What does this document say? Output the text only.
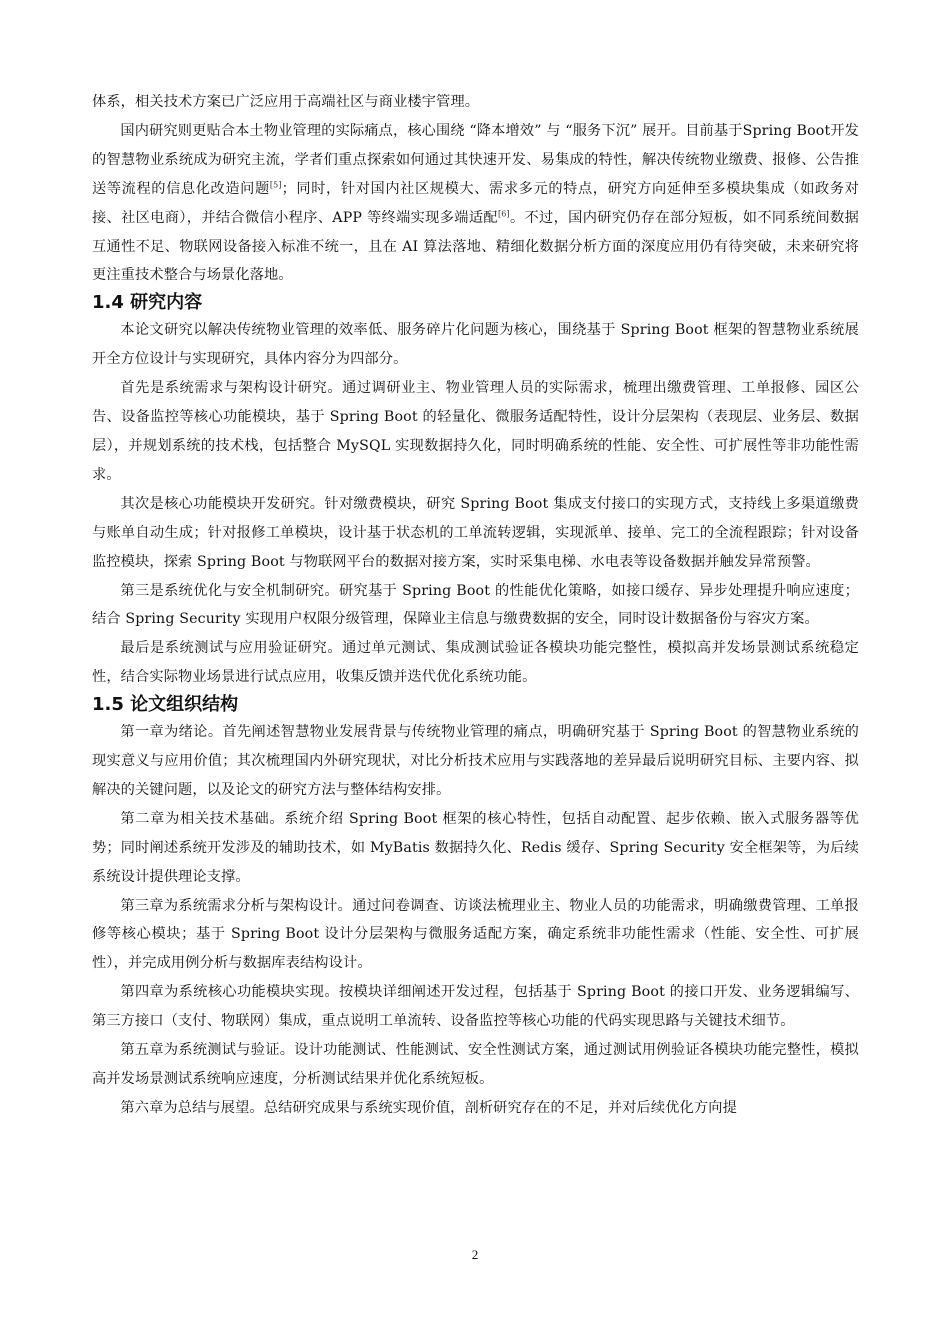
体系，相关技术方案已广泛应用于高端社区与商业楼宇管理。

国内研究则更贴合本土物业管理的实际痛点，核心围绕 “降本增效” 与 “服务下沉” 展开。目前基于Spring Boot开发的智慧物业系统成为研究主流，学者们重点探索如何通过其快速开发、易集成的特性，解决传统物业缴费、报修、公告推送等流程的信息化改造问题[5]；同时，针对国内社区规模大、需求多元的特点，研究方向延伸至多模块集成（如政务对接、社区电商），并结合微信小程序、APP 等终端实现多端适配[6]。不过，国内研究仍存在部分短板，如不同系统间数据互通性不足、物联网设备接入标准不统一，且在 AI 算法落地、精细化数据分析方面的深度应用仍有待突破，未来研究将更注重技术整合与场景化落地。

1.4 研究内容

本论文研究以解决传统物业管理的效率低、服务碎片化问题为核心，围绕基于 Spring Boot 框架的智慧物业系统展开全方位设计与实现研究，具体内容分为四部分。

首先是系统需求与架构设计研究。通过调研业主、物业管理人员的实际需求，梳理出缴费管理、工单报修、园区公告、设备监控等核心功能模块，基于 Spring Boot 的轻量化、微服务适配特性，设计分层架构（表现层、业务层、数据层），并规划系统的技术栈，包括整合 MySQL 实现数据持久化，同时明确系统的性能、安全性、可扩展性等非功能性需求。

其次是核心功能模块开发研究。针对缴费模块，研究 Spring Boot 集成支付接口的实现方式，支持线上多渠道缴费与账单自动生成；针对报修工单模块，设计基于状态机的工单流转逻辑，实现派单、接单、完工的全流程跟踪；针对设备监控模块，探索 Spring Boot 与物联网平台的数据对接方案，实时采集电梯、水电表等设备数据并触发异常预警。

第三是系统优化与安全机制研究。研究基于 Spring Boot 的性能优化策略，如接口缓存、异步处理提升响应速度；结合 Spring Security 实现用户权限分级管理，保障业主信息与缴费数据的安全，同时设计数据备份与容灾方案。

最后是系统测试与应用验证研究。通过单元测试、集成测试验证各模块功能完整性，模拟高并发场景测试系统稳定性，结合实际物业场景进行试点应用，收集反馈并迭代优化系统功能。

1.5 论文组织结构

第一章为绪论。首先阐述智慧物业发展背景与传统物业管理的痛点，明确研究基于 Spring Boot 的智慧物业系统的现实意义与应用价值；其次梳理国内外研究现状，对比分析技术应用与实践落地的差异最后说明研究目标、主要内容、拟解决的关键问题，以及论文的研究方法与整体结构安排。

第二章为相关技术基础。系统介绍 Spring Boot 框架的核心特性，包括自动配置、起步依赖、嵌入式服务器等优势；同时阐述系统开发涉及的辅助技术，如 MyBatis 数据持久化、Redis 缓存、Spring Security 安全框架等，为后续系统设计提供理论支撑。

第三章为系统需求分析与架构设计。通过问卷调查、访谈法梳理业主、物业人员的功能需求，明确缴费管理、工单报修等核心模块；基于 Spring Boot 设计分层架构与微服务适配方案，确定系统非功能性需求（性能、安全性、可扩展性），并完成用例分析与数据库表结构设计。

第四章为系统核心功能模块实现。按模块详细阐述开发过程，包括基于 Spring Boot 的接口开发、业务逻辑编写、第三方接口（支付、物联网）集成，重点说明工单流转、设备监控等核心功能的代码实现思路与关键技术细节。

第五章为系统测试与验证。设计功能测试、性能测试、安全性测试方案，通过测试用例验证各模块功能完整性，模拟高并发场景测试系统响应速度，分析测试结果并优化系统短板。

第六章为总结与展望。总结研究成果与系统实现价值，剖析研究存在的不足，并对后续优化方向提

2
